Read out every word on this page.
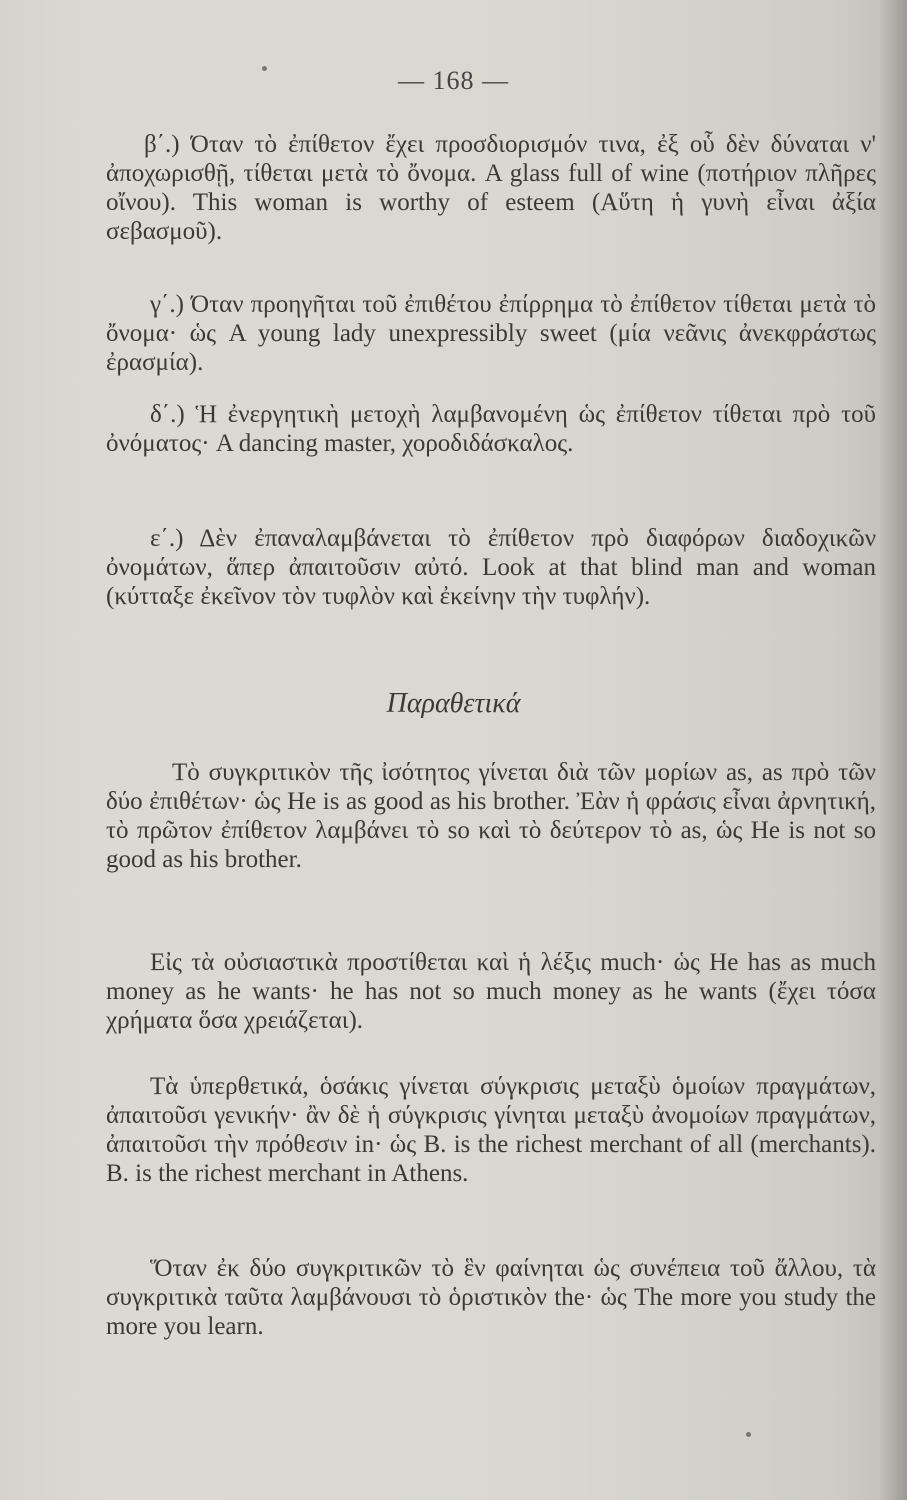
— 168 —

β΄.) Όταν τὸ ἐπίθετον ἔχει προσδιορισμόν τινα, ἐξ οὗ δὲν δύναται ν' ἀποχωρισθῇ, τίθεται μετὰ τὸ ὄνομα. A glass full of wine (ποτήριον πλῆρες οἴνου). This woman is worthy of esteem (Αὕτη ἡ γυνὴ εἶναι ἀξία σεβασμοῦ).

γ΄.) Όταν προηγῆται τοῦ ἐπιθέτου ἐπίρρημα τὸ ἐπίθετον τίθεται μετὰ τὸ ὄνομα· ὡς A young lady unexpressibly sweet (μία νεᾶνις ἀνεκφράστως ἐρασμία).

δ΄.) Ἡ ἐνεργητικὴ μετοχὴ λαμβανομένη ὡς ἐπίθετον τίθεται πρὸ τοῦ ὀνόματος· A dancing master, χοροδιδάσκαλος.

ε΄.) Δὲν ἐπαναλαμβάνεται τὸ ἐπίθετον πρὸ διαφόρων διαδοχικῶν ὀνομάτων, ἅπερ ἀπαιτοῦσιν αὐτό. Look at that blind man and woman (κύτταξε ἐκεῖνον τὸν τυφλὸν καὶ ἐκείνην τὴν τυφλήν).

Παραθετικά

Τὸ συγκριτικὸν τῆς ἰσότητος γίνεται διὰ τῶν μορίων as, as πρὸ τῶν δύο ἐπιθέτων· ὡς He is as good as his brother. Ἐὰν ἡ φράσις εἶναι ἀρνητική, τὸ πρῶτον ἐπίθετον λαμβάνει τὸ so καὶ τὸ δεύτερον τὸ as, ὡς He is not so good as his brother.

Εἰς τὰ οὐσιαστικὰ προστίθεται καὶ ἡ λέξις much· ὡς He has as much money as he wants· he has not so much money as he wants (ἔχει τόσα χρήματα ὅσα χρειάζεται).

Τὰ ὑπερθετικά, ὁσάκις γίνεται σύγκρισις μεταξὺ ὁμοίων πραγμάτων, ἀπαιτοῦσι γενικήν· ἂν δὲ ἡ σύγκρισις γίνηται μεταξὺ ἀνομοίων πραγμάτων, ἀπαιτοῦσι τὴν πρόθεσιν in· ὡς B. is the richest merchant of all (merchants). B. is the richest merchant in Athens.

Ὅταν ἐκ δύο συγκριτικῶν τὸ ἓν φαίνηται ὡς συνέπεια τοῦ ἄλλου, τὰ συγκριτικὰ ταῦτα λαμβάνουσι τὸ ὁριστικὸν the· ὡς The more you study the more you learn.
